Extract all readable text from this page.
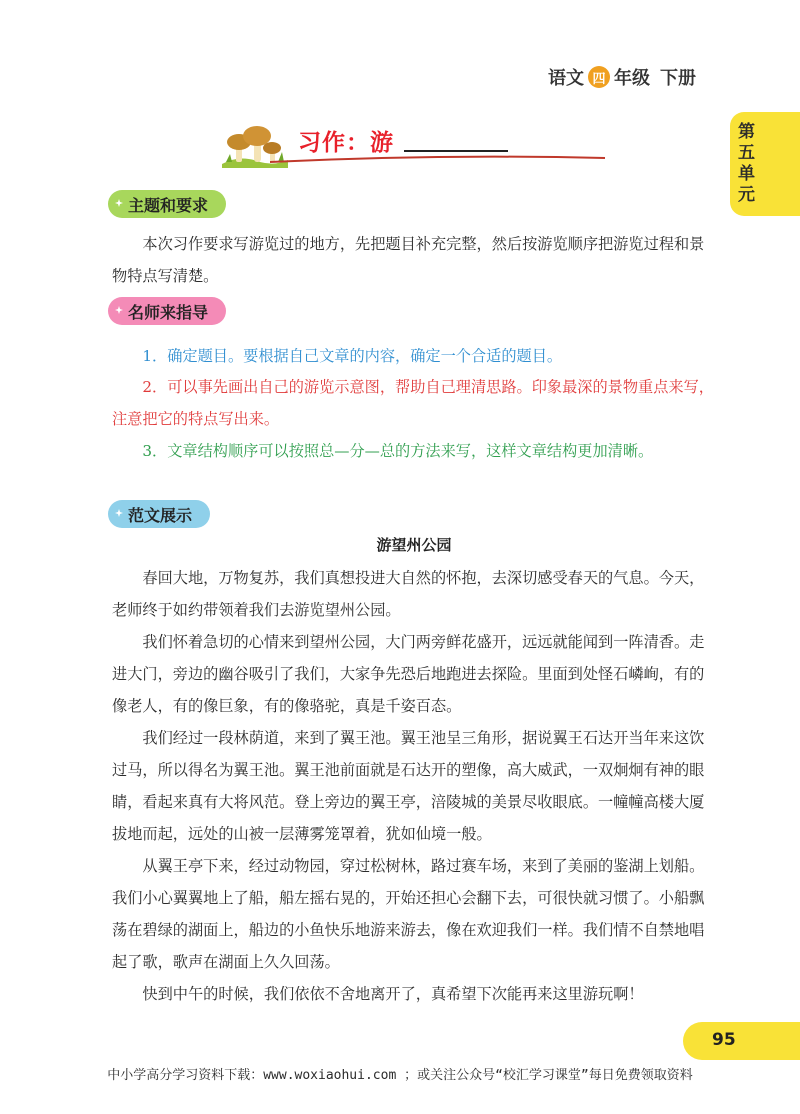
语文 四 年级 下册
第五单元
习作：游
主题和要求
本次习作要求写游览过的地方，先把题目补充完整，然后按游览顺序把游览过程和景物特点写清楚。
名师来指导
1．确定题目。要根据自己文章的内容，确定一个合适的题目。
2．可以事先画出自己的游览示意图，帮助自己理清思路。印象最深的景物重点来写，注意把它的特点写出来。
3．文章结构顺序可以按照总—分—总的方法来写，这样文章结构更加清晰。
范文展示
游望州公园

春回大地，万物复苏，我们真想投进大自然的怀抱，去深切感受春天的气息。今天，老师终于如约带领着我们去游览望州公园。

我们怀着急切的心情来到望州公园，大门两旁鲜花盛开，远远就能闻到一阵清香。走进大门，旁边的幽谷吸引了我们，大家争先恐后地跑进去探险。里面到处怪石嶙峋，有的像老人，有的像巨象，有的像骆驼，真是千姿百态。

我们经过一段林荫道，来到了翼王池。翼王池呈三角形，据说翼王石达开当年来这饮过马，所以得名为翼王池。翼王池前面就是石达开的塑像，高大威武，一双炯炯有神的眼睛，看起来真有大将风范。登上旁边的翼王亭，涪陵城的美景尽收眼底。一幢幢高楼大厦拔地而起，远处的山被一层薄雾笼罩着，犹如仙境一般。

从翼王亭下来，经过动物园，穿过松树林，路过赛车场，来到了美丽的鉴湖上划船。我们小心翼翼地上了船，船左摇右晃的，开始还担心会翻下去，可很快就习惯了。小船飘荡在碧绿的湖面上，船边的小鱼快乐地游来游去，像在欢迎我们一样。我们情不自禁地唱起了歌，歌声在湖面上久久回荡。

快到中午的时候，我们依依不舍地离开了，真希望下次能再来这里游玩啊！

95
中小学高分学习资料下载：www.woxiaohui.com ；或关注公众号“校汇学习课堂”每日免费领取资料
